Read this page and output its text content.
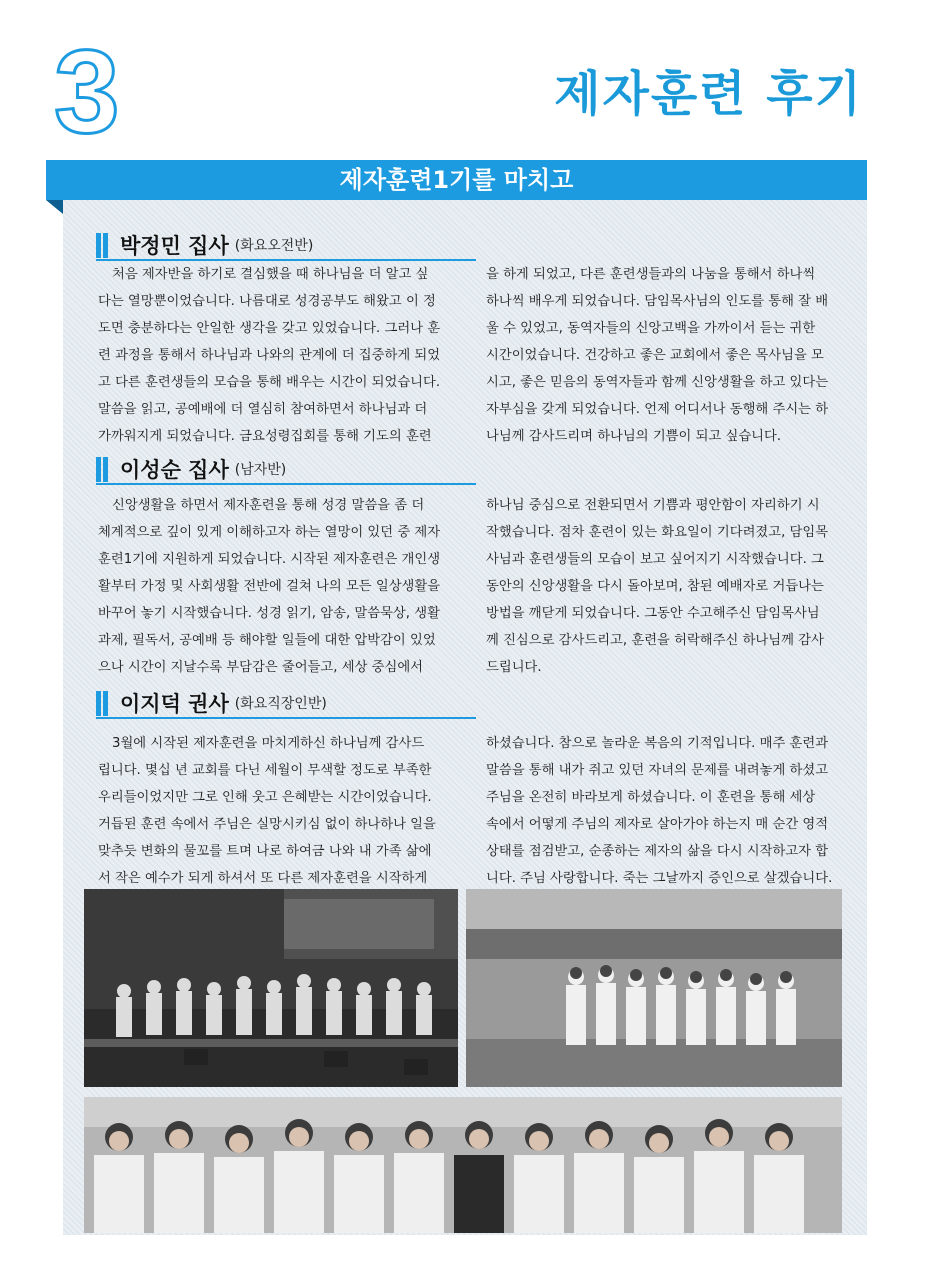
3	제자훈련 후기
제자훈련1기를 마치고
박정민 집사 (화요오전반)

처음 제자반을 하기로 결심했을 때 하나님을 더 알고 싶

다는 열망뿐이었습니다. 나름대로 성경공부도 해왔고 이 정

도면 충분하다는 안일한 생각을 갖고 있었습니다. 그러나 훈

련 과정을 통해서 하나님과 나와의 관계에 더 집중하게 되었

고 다른 훈련생들의 모습을 통해 배우는 시간이 되었습니다.

말씀을 읽고, 공예배에 더 열심히 참여하면서 하나님과 더

가까워지게 되었습니다. 금요성령집회를 통해 기도의 훈련

을 하게 되었고, 다른 훈련생들과의 나눔을 통해서 하나씩

하나씩 배우게 되었습니다. 담임목사님의 인도를 통해 잘 배

울 수 있었고, 동역자들의 신앙고백을 가까이서 듣는 귀한

시간이었습니다. 건강하고 좋은 교회에서 좋은 목사님을 모

시고, 좋은 믿음의 동역자들과 함께 신앙생활을 하고 있다는

자부심을 갖게 되었습니다. 언제 어디서나 동행해 주시는 하

나님께 감사드리며 하나님의 기쁨이 되고 싶습니다.

이성순 집사 (남자반)

신앙생활을 하면서 제자훈련을 통해 성경 말씀을 좀 더

체계적으로 깊이 있게 이해하고자 하는 열망이 있던 중 제자

훈련1기에 지원하게 되었습니다. 시작된 제자훈련은 개인생

활부터 가정 및 사회생활 전반에 걸쳐 나의 모든 일상생활을

바꾸어 놓기 시작했습니다. 성경 읽기, 암송, 말씀묵상, 생활

과제, 필독서, 공예배 등 해야할 일들에 대한 압박감이 있었

으나 시간이 지날수록 부담감은 줄어들고, 세상 중심에서

하나님 중심으로 전환되면서 기쁨과 평안함이 자리하기 시

작했습니다. 점차 훈련이 있는 화요일이 기다려졌고, 담임목

사님과 훈련생들의 모습이 보고 싶어지기 시작했습니다. 그

동안의 신앙생활을 다시 돌아보며, 참된 예배자로 거듭나는

방법을 깨닫게 되었습니다. 그동안 수고해주신 담임목사님

께 진심으로 감사드리고, 훈련을 허락해주신 하나님께 감사

드립니다.

이지덕 권사 (화요직장인반)

3월에 시작된 제자훈련을 마치게하신 하나님께 감사드

립니다. 몇십 년 교회를 다닌 세월이 무색할 정도로 부족한

우리들이었지만 그로 인해 웃고 은혜받는 시간이었습니다.

거듭된 훈련 속에서 주님은 실망시키심 없이 하나하나 일을

맞추듯 변화의 물꼬를 트며 나로 하여금 나와 내 가족 삶에

서 작은 예수가 되게 하셔서 또 다른 제자훈련을 시작하게

하셨습니다. 참으로 놀라운 복음의 기적입니다. 매주 훈련과

말씀을 통해 내가 쥐고 있던 자녀의 문제를 내려놓게 하셨고

주님을 온전히 바라보게 하셨습니다. 이 훈련을 통해 세상

속에서 어떻게 주님의 제자로 살아가야 하는지 매 순간 영적

상태를 점검받고, 순종하는 제자의 삶을 다시 시작하고자 합

니다. 주님 사랑합니다. 죽는 그날까지 증인으로 살겠습니다.
